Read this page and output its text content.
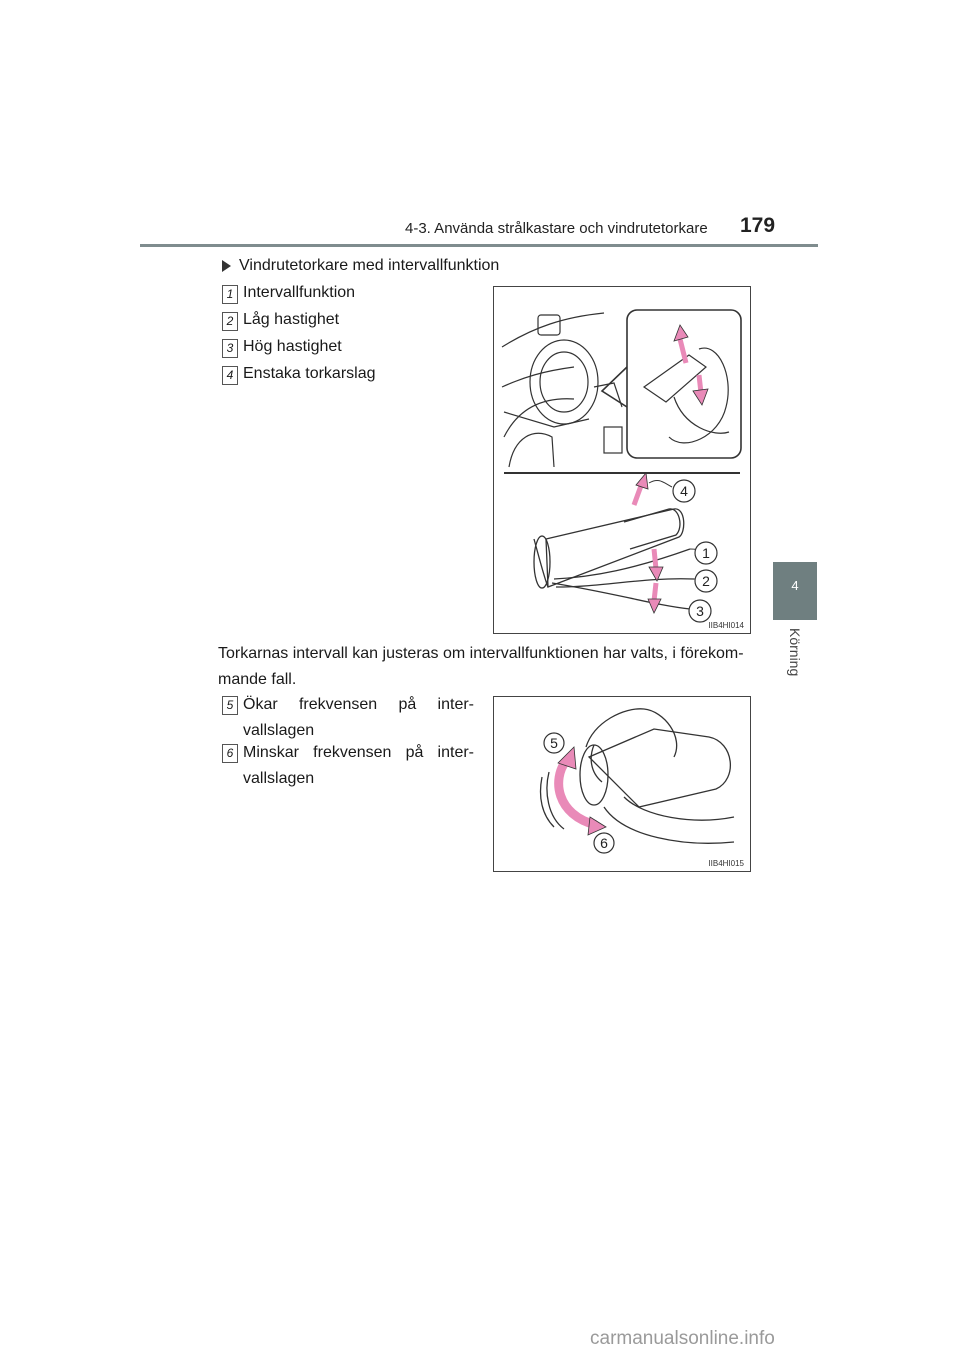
4-3. Använda strålkastare och vindrutetorkare 179
4
Körning
Vindrutetorkare med intervallfunktion
1 Intervallfunktion
2 Låg hastighet
3 Hög hastighet
4 Enstaka torkarslag
4
1
2
3
IIB4HI014
Torkarnas intervall kan justeras om intervallfunktionen har valts, i förekom-mande fall.
5 Ökar frekvensen på inter-vallslagen
6 Minskar frekvensen på inter-vallslagen
5
6
IIB4HI015
carmanualsonline.info
